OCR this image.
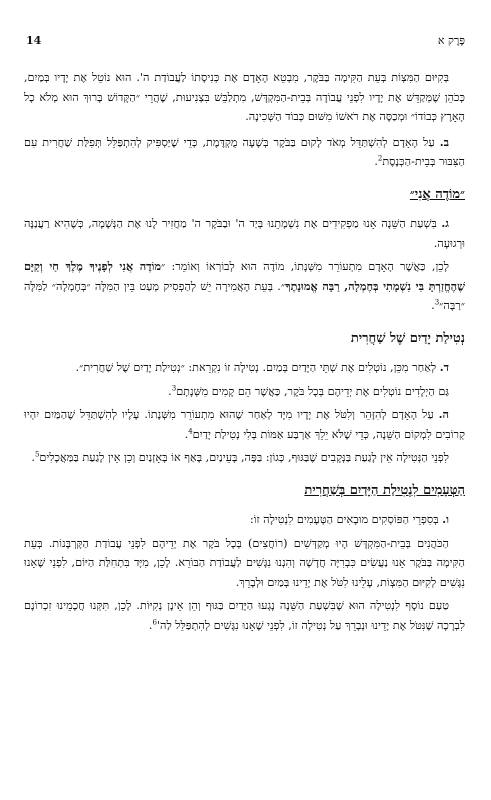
14	פֶּרֶק א

בְּקִיּוּם הַמִּצְוֹת בְּעֵת הַקִּימָה בַּבֹּקֶר, מִבְטֵא הָאָדָם אֶת כְּנִיסָתוֹ לַעֲבוֹדַת ה'. הוּא נוֹטֵל אֶת יָדָיו בְּמַיִם, כְּכֹהֵן שֶׁמְּקַדֵּשׁ אֶת יָדָיו לִפְנֵי עֲבוֹדָה בְּבֵית-הַמִּקְדָּשׁ, מִתְלַבֵּשׁ בִּצְנִיעוּת, שֶׁהֲרֵי ״הַקָּדוֹשׁ בָּרוּךְ הוּא מְלֹא כָל הָאָרֶץ כְּבוֹדוֹ״ וּמְכַסֶּה אֶת רֹאשׁוֹ מִשּׁוּם כְּבוֹד הַשְּׁכִינָה.

ב. עַל הָאָדָם לְהִשְׁתַּדֵּל מְאֹד לָקוּם בַּבֹּקֶר בְּשָׁעָה מֻקְדֶּמֶת, כְּדֵי שֶׁיַּסְפִּיק לְהִתְפַּלֵּל תְּפִלַּת שַׁחֲרִית עִם הַצִּבּוּר בְּבֵית-הַכְּנֶסֶת$^2$.

״מוֹדֶה אֲנִי״

ג. בִּשְׁעַת הַשֵּׁנָה אָנוּ מַפְקִידִים אֶת נִשְׁמָתֵנוּ בְּיַד ה' וּבַבֹּקֶר ה' מַחֲזִיר לָנוּ אֶת הַנְּשָׁמָה, כְּשֶׁהִיא רַעֲנַנָּה וּרְגוּעָה.

לָכֵן, כַּאֲשֶׁר הָאָדָם מִתְעוֹרֵר מִשְּׁנָתוֹ, מוֹדֶה הוּא לְבוֹרְאוֹ וְאוֹמֵר: ״מוֹדֶה אֲנִי לְפָנֶיךָ מֶלֶךְ חַי וְקַיָּם שֶׁהֶחֱזַרְתָּ בִּי נִשְׁמָתִי בְּחֶמְלָה, רַבָּה אֱמוּנָתֶךָ״. בְּעֵת הָאֲמִירָה יֵשׁ לְהַפְסִיק מְעַט בֵּין הַמִּלָּה ״בְּחֶמְלָה״ לַמִּלָּה ״רַבָּה״$^3$.

נְטִילַת יָדַיִם שֶׁל שַׁחֲרִית

ד. לְאַחַר מִכֵּן, נוֹטְלִים אֶת שְׁתֵּי הַיָּדַיִם בְּמַיִם. נְטִילָה זוֹ נִקְרֵאת: ״נְטִילַת יָדַיִם שֶׁל שַׁחֲרִית״.

גַּם הַיְלָדִים נוֹטְלִים אֶת יְדֵיהֶם בְּכָל בֹּקֶר, כַּאֲשֶׁר הֵם קָמִים מִשְּׁנָתָם$^3$.

ה. עַל הָאָדָם לְהִזָּהֵר וְלִטֹּל אֶת יָדָיו מִיָּד לְאַחַר שֶׁהוּא מִתְעוֹרֵר מִשְּׁנָתוֹ. עָלָיו לְהִשְׁתַּדֵּל שֶׁהַמַּיִם יִהְיוּ קְרוֹבִים לִמְקוֹם הַשֵּׁנָה, כְּדֵי שֶׁלֹּא יֵלֵךְ אַרְבַּע אַמּוֹת בְּלִי נְטִילַת יָדַיִם$^4$.

לִפְנֵי הַנְּטִילָה אֵין לָגַעַת בַּנְּקָבִים שֶׁבַּגּוּף, כְּגוֹן: בַּפֶּה, בָּעֵינַיִם, בָּאַף אוֹ בָּאָזְנַיִם וְכֵן אֵין לָגַעַת בַּמַּאֲכָלִים$^5$.

הַטְּעָמִים לִנְטִילַת הַיָּדַיִם בְּשַׁחֲרִית

ו. בְּסִפְרֵי הַפּוֹסְקִים מוּבָאִים הַטְּעָמִים לִנְטִילָה זוֹ:

הַכֹּהֲנִים בְּבֵית-הַמִּקְדָּשׁ הָיוּ מְקַדְּשִׁים (רוֹחֲצִים) בְּכָל בֹּקֶר אֶת יְדֵיהֶם לִפְנֵי עֲבוֹדַת הַקָּרְבָּנוֹת. בְּעֵת הַקִּימָה בַּבֹּקֶר אָנוּ נַעֲשִׂים כִּבְרִיָּה חֲדָשָׁה וְהִנְנוּ נִגָּשִׁים לַעֲבוֹדַת הַבּוֹרֵא. לָכֵן, מִיָּד בִּתְחִלַּת הַיּוֹם, לִפְנֵי שֶׁאָנוּ נִגָּשִׁים לְקִיּוּם הַמִּצְוֹת, עָלֵינוּ לִטֹּל אֶת יָדֵינוּ בְּמַיִם וּלְבָרֵךְ.

טַעַם נוֹסָף לִנְטִילָה הוּא שֶׁבִּשְׁעַת הַשֵּׁנָה נָגְעוּ הַיָּדַיִם בַּגּוּף וְהֵן אֵינָן נְקִיּוֹת. לָכֵן, תִּקְּנוּ חֲכָמֵינוּ זִכְרוֹנָם לִבְרָכָה שֶׁנִּטֹּל אֶת יָדֵינוּ וּנְבָרֵךְ עַל נְטִילָה זוֹ, לִפְנֵי שֶׁאָנוּ נִגָּשִׁים לְהִתְפַּלֵּל לַה'$^6$.
